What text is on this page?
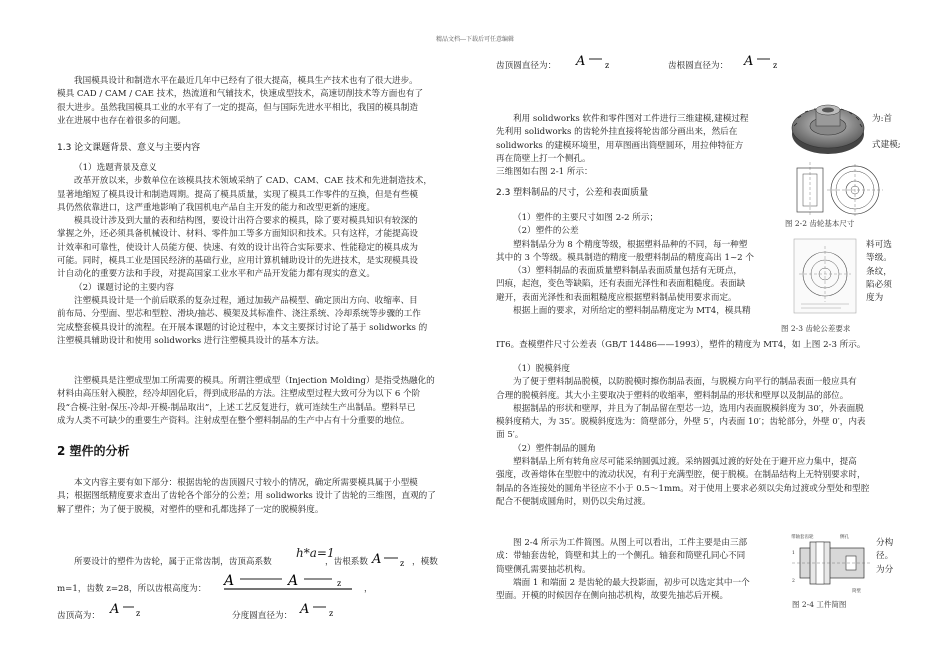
精品文档---下载后可任意编辑
我国模具设计和制造水平在最近几年中已经有了很大提高，模具生产技术也有了很大进步。
模具 CAD / CAM / CAE 技术，热流道和气辅技术，快速成型技术，高速切削技术等方面也有了
很大进步。虽然我国模具工业的水平有了一定的提高，但与国际先进水平相比，我国的模具制造
业在进展中也存在着很多的问题。
1.3 论文课题背景、意义与主要内容
（1）选题背景及意义
改革开放以来，步数单位在该模具技术领域采纳了 CAD、CAM、CAE 技术和先进制造技术，
显著地缩短了模具设计和制造周期。提高了模具质量，实现了模具工作零件的互换，但是有些模
具仍然依靠进口，这严重地影响了我国机电产品自主开发的能力和改型更新的速度。
模具设计涉及到大量的表和结构图，要设计出符合要求的模具，除了要对模具知识有较深的
掌握之外，还必须具备机械设计、材料、零件加工等多方面知识和技术。只有这样，才能提高设
计效率和可靠性，使设计人员能方便、快速、有效的设计出符合实际要求、性能稳定的模具成为
可能。同时，模具工业是国民经济的基础行业，应用计算机辅助设计的先进技术，是实现模具设
计自动化的重要方法和手段，对提高国家工业水平和产品开发能力都有现实的意义。
（2）课题讨论的主要内容
注塑模具设计是一个前后联系的复杂过程，通过加载产品模型、确定顶出方向、收缩率、目
前布局、分型面、型芯和型腔、滑块/抽芯、模架及其标准件、浇注系统、冷却系统等步骤的工作
完成整套模具设计的流程。在开展本课题的讨论过程中，本文主要探讨讨论了基于 solidworks 的
注塑模具辅助设计和使用 solidworks 进行注塑模具设计的基本方法。
注塑模具是注塑成型加工所需要的模具。所谓注塑成型（Injection Molding）是指受热融化的
材料由高压射入模腔，经冷却固化后，得到成形品的方法。注塑成型过程大致可分为以下 6 个阶
段“合模-注射-保压-冷却-开模-制品取出”，上述工艺反复进行，就可连续生产出制品。塑料早已
成为人类不可缺少的重要生产资料。注射成型在整个塑料制品的生产中占有十分重要的地位。
2 塑件的分析
本文内容主要有如下部分：根据齿轮的齿顶圆尺寸较小的情况，确定所需要模具属于小型模
具；根据图纸精度要求查出了齿轮各个部分的公差；用 solidworks 设计了齿轮的三维图，直观的了
解了塑件；为了便于脱模，对塑件的壁和孔都选择了一定的脱模斜度。
所要设计的塑件为齿轮，属于正常齿制，齿顶高系数
h*a=1
，齿根系数 A z ，模数
m=1，齿数 z=28，所以齿根高度为： A	A	z
，
齿顶高为： A z	分度圆直径为： A z
齿顶圆直径为： A z	齿根圆直径为： A z
利用 solidworks 软件和零件图对工件进行三维建模,建模过程
先利用 solidworks 的齿轮外挂直接将轮齿部分画出来，然后在
solidworks 的建模环境里，用草图画出筒壁圆环，用拉伸特征方
再在筒壁上打一个侧孔。
三维图如右图 2-1 所示：
为:首
式建模;
图 2-2 齿轮基本尺寸
2.3 塑料制品的尺寸，公差和表面质量
（1）塑件的主要尺寸如图 2-2 所示；
（2）塑件的公差
塑料制品分为 8 个精度等级，根据塑料品种的不同，每一种塑
其中的 3 个等级。模具制造的精度一般塑料制品的精度高出 1~2 个
（3）塑料制品的表面质量塑料制品表面质量包括有无斑点，
凹痕，起泡，变色等缺陷，还有表面光泽性和表面粗糙度。表面缺
避开，表面光泽性和表面粗糙度应根据塑料制品使用要求而定。
根据上面的要求，对所给定的塑料制品精度定为 MT4，模具精
料可选
等级。
条纹，
陷必须
度为
图 2-3 齿轮公差要求
IT6。查模塑件尺寸公差表（GB/T 14486——1993），塑件的精度为 MT4，如 上图 2-3 所示。
（1）脱模斜度
为了便于塑料制品脱模，以防脱模时擦伤制品表面，与脱模方向平行的制品表面一般应具有
合理的脱模斜度。其大小主要取决于塑料的收缩率，塑料制品的形状和壁厚以及制品的部位。
根据制品的形状和壁厚，并且为了制品留在型芯一边，选用内表面脱模斜度为 30′，外表面脱
模斜度稍大，为 35′。脱模斜度选为：筒壁部分，外壁 5′，内表面 10′；齿轮部分，外壁 0′，内表
面 5′。
（2）塑件制品的圆角
塑料制品上所有转角应尽可能采纳圆弧过渡。采纳圆弧过渡的好处在于避开应力集中，提高
强度，改善熔体在型腔中的流动状况，有利于充满型腔，便于脱模。在制品结构上无特别要求时，
制品的各连接处的圆角半径应不小于 0.5～1mm。对于使用上要求必须以尖角过渡或分型处和型腔
配合不便制成圆角时，则仍以尖角过渡。
图 2-4 所示为工件简图。从图上可以看出，工件主要是由三部
成：带轴套齿轮，筒壁和其上的一个侧孔。轴套和筒壁孔同心不同
筒壁侧孔需要抽芯机构。
端面 1 和端面 2 是齿轮的最大投影面，初步可以选定其中一个
型面。开模的时候因存在侧向抽芯机构，故要先抽芯后开模。
分构
径。
为分
带轴套齿轮	侧孔
筒壁
1
2
图 2-4 工件简图
